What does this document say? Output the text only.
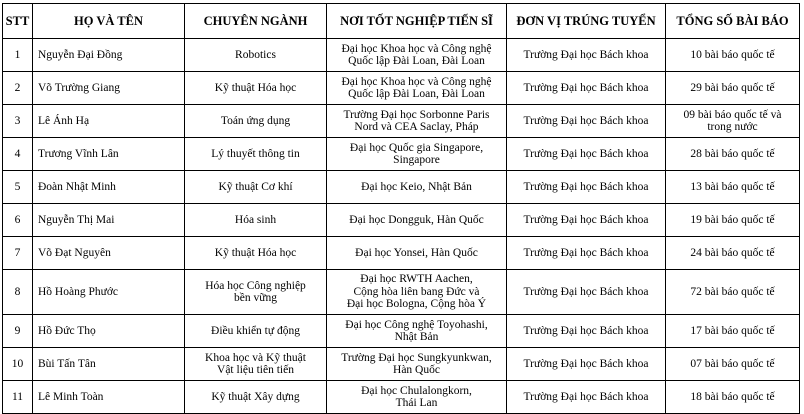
STT	HỌ VÀ TÊN	CHUYÊN NGÀNH	NƠI TỐT NGHIỆP TIẾN SĨ	ĐƠN VỊ TRÚNG TUYỂN	TỔNG SỐ BÀI BÁO
1	Nguyễn Đại Đồng	Robotics	Đại học Khoa học và Công nghệ
Quốc lập Đài Loan, Đài Loan	Trường Đại học Bách khoa	10 bài báo quốc tế
2	Võ Trường Giang	Kỹ thuật Hóa học	Đại học Khoa học và Công nghệ
Quốc lập Đài Loan, Đài Loan	Trường Đại học Bách khoa	29 bài báo quốc tế
3	Lê Ánh Hạ	Toán ứng dụng	Trường Đại học Sorbonne Paris
Nord và CEA Saclay, Pháp	Trường Đại học Bách khoa	09 bài báo quốc tế và
trong nước
4	Trương Vĩnh Lân	Lý thuyết thông tin	Đại học Quốc gia Singapore,
Singapore	Trường Đại học Bách khoa	28 bài báo quốc tế
5	Đoàn Nhật Minh	Kỹ thuật Cơ khí	Đại học Keio, Nhật Bản	Trường Đại học Bách khoa	13 bài báo quốc tế
6	Nguyễn Thị Mai	Hóa sinh	Đại học Dongguk, Hàn Quốc	Trường Đại học Bách khoa	19 bài báo quốc tế
7	Võ Đạt Nguyên	Kỹ thuật Hóa học	Đại học Yonsei, Hàn Quốc	Trường Đại học Bách khoa	24 bài báo quốc tế
8	Hồ Hoàng Phước	Hóa học Công nghiệp
bền vững	Đại học RWTH Aachen,
Cộng hòa liên bang Đức và
Đại học Bologna, Cộng hòa Ý	Trường Đại học Bách khoa	72 bài báo quốc tế
9	Hồ Đức Thọ	Điều khiển tự động	Đại học Công nghệ Toyohashi,
Nhật Bản	Trường Đại học Bách khoa	17 bài báo quốc tế
10	Bùi Tấn Tân	Khoa học và Kỹ thuật
Vật liệu tiên tiến	Trường Đại học Sungkyunkwan,
Hàn Quốc	Trường Đại học Bách khoa	07 bài báo quốc tế
11	Lê Minh Toàn	Kỹ thuật Xây dựng	Đại học Chulalongkorn,
Thái Lan	Trường Đại học Bách khoa	18 bài báo quốc tế
